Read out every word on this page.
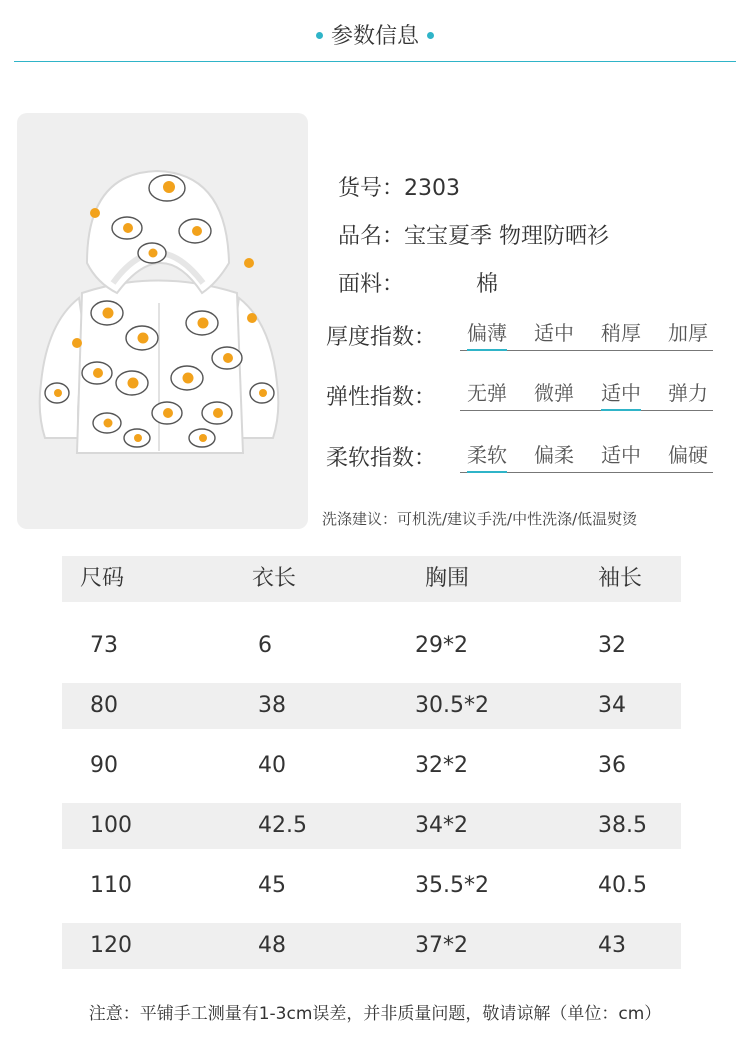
参数信息
货号：2303
品名：宝宝夏季 物理防晒衫
面料：	棉
厚度指数： 偏薄 适中 稍厚 加厚
弹性指数： 无弹 微弹 适中 弹力
柔软指数： 柔软 偏柔 适中 偏硬
洗涤建议：可机洗/建议手洗/中性洗涤/低温熨烫
尺码	衣长	胸围	袖长
73	6	29*2	32
80	38	30.5*2	34
90	40	32*2	36
100	42.5	34*2	38.5
110	45	35.5*2	40.5
120	48	37*2	43
注意：平铺手工测量有1-3cm误差，并非质量问题，敬请谅解（单位：cm）
